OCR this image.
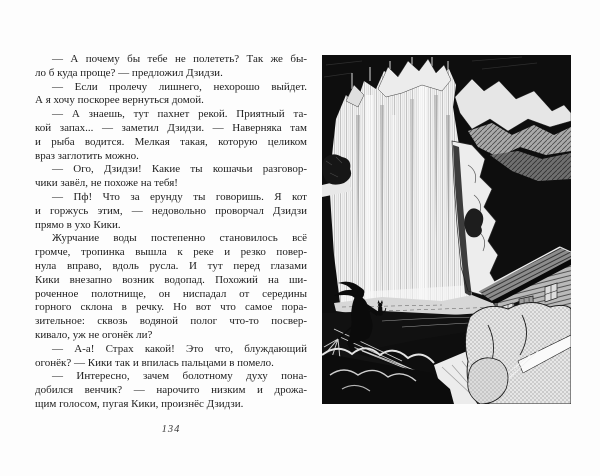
— А почему бы тебе не полететь? Так же бы-
ло б куда проще? — предложил Дзидзи.
— Если пролечу лишнего, нехорошо выйдет.
А я хочу поскорее вернуться домой.
— А знаешь, тут пахнет рекой. Приятный та-
кой запах... — заметил Дзидзи. — Наверняка там
и рыба водится. Мелкая такая, которую целиком
враз заглотить можно.
— Ого, Дзидзи! Какие ты кошачьи разговор-
чики завёл, не похоже на тебя!
— Пф! Что за ерунду ты говоришь. Я кот
и горжусь этим, — недовольно проворчал Дзидзи
прямо в ухо Кики.
Журчание воды постепенно становилось всё
громче, тропинка вышла к реке и резко повер-
нула вправо, вдоль русла. И тут перед глазами
Кики внезапно возник водопад. Похожий на ши-
роченное полотнище, он ниспадал от середины
горного склона в речку. Но вот что самое пора-
зительное: сквозь водяной полог что-то посвер-
кивало, уж не огонёк ли?
— А-а! Страх какой! Это что, блуждающий
огонёк? — Кики так и впилась пальцами в помело.
— Интересно, зачем болотному духу пона-
добился венчик? — нарочито низким и дрожа-
щим голосом, пугая Кики, произнёс Дзидзи.
134
